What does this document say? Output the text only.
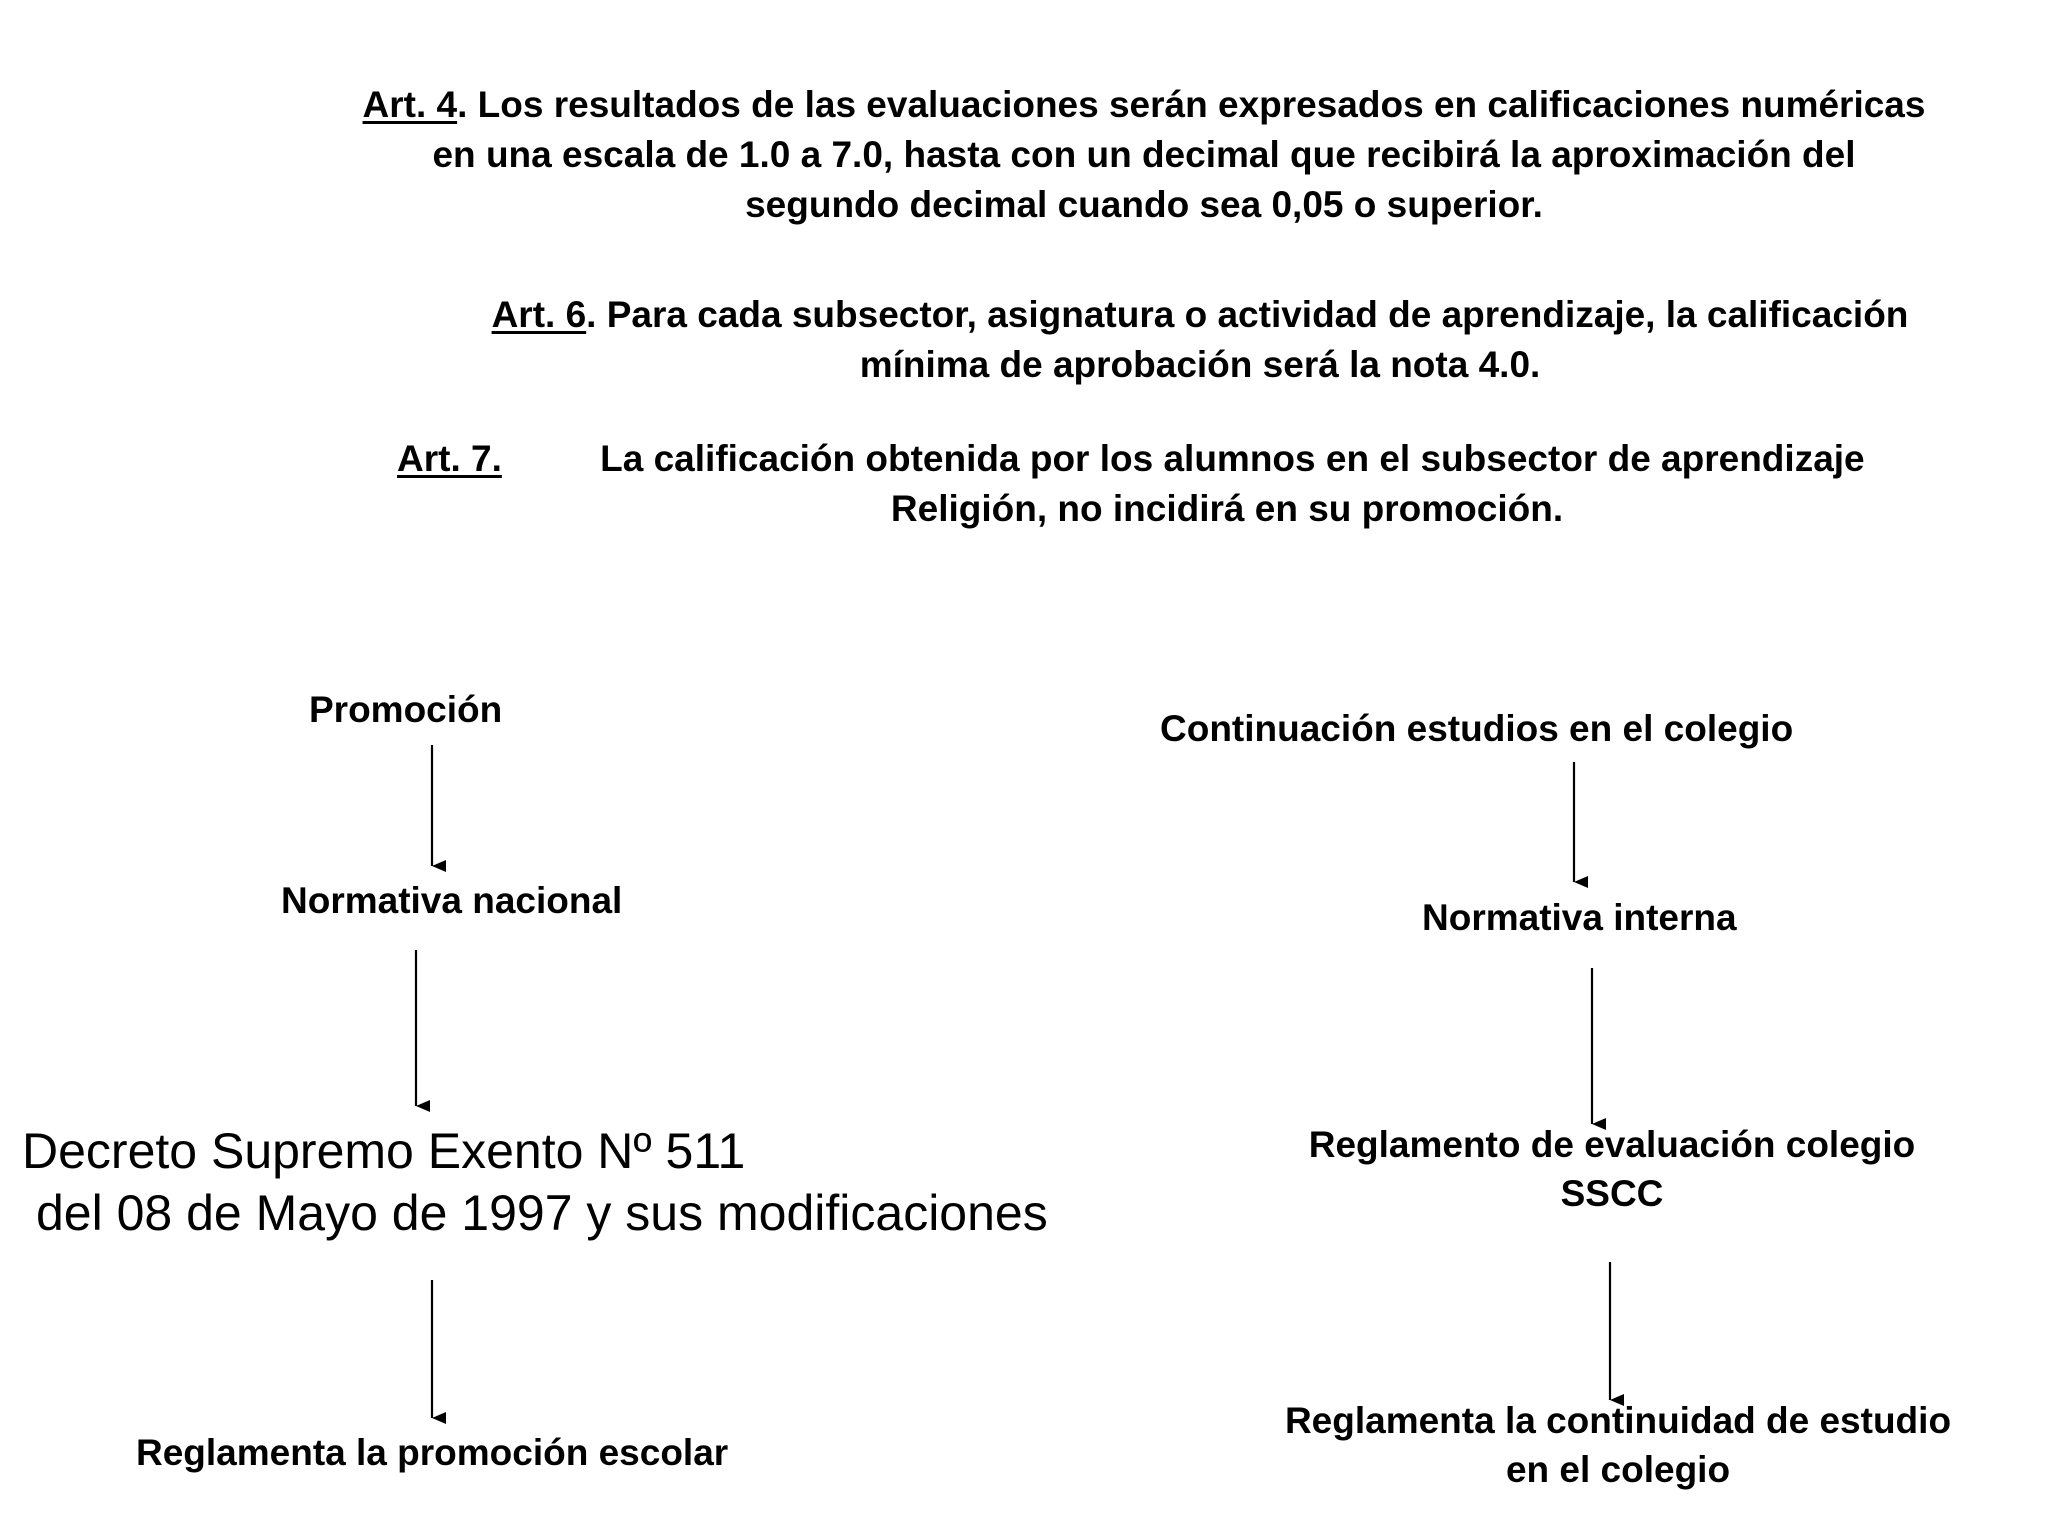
Art. 4. Los resultados de las evaluaciones serán expresados en calificaciones numéricas
en una escala de 1.0 a 7.0, hasta con un decimal que recibirá la aproximación del
segundo decimal cuando sea 0,05 o superior.
Art. 6. Para cada subsector, asignatura o actividad de aprendizaje, la calificación
mínima de aprobación será la nota 4.0.
Art. 7.	La calificación obtenida por los alumnos en el subsector de aprendizaje
Religión, no incidirá en su promoción.
Promoción
Normativa nacional
Decreto Supremo Exento Nº 511
del 08 de Mayo de 1997 y sus modificaciones
Reglamenta la promoción escolar
Continuación estudios en el colegio
Normativa interna
Reglamento de evaluación colegio
SSCC
Reglamenta la continuidad de estudio
en el colegio
